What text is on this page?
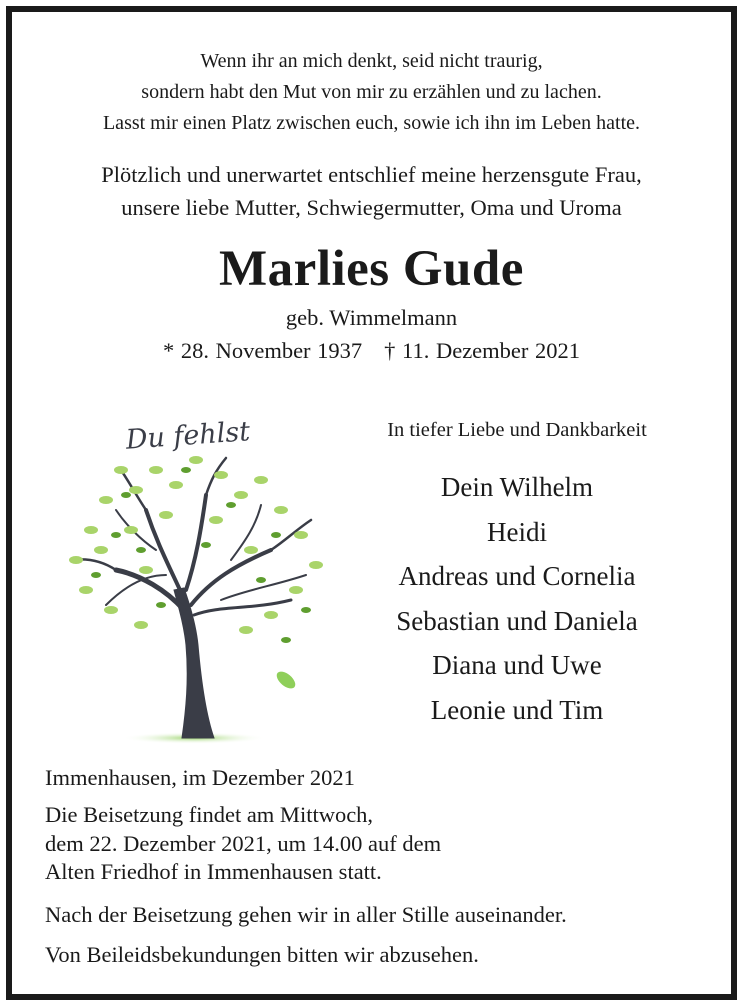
Wenn ihr an mich denkt, seid nicht traurig,
sondern habt den Mut von mir zu erzählen und zu lachen.
Lasst mir einen Platz zwischen euch, sowie ich ihn im Leben hatte.
Plötzlich und unerwartet entschlief meine herzensgute Frau,
unsere liebe Mutter, Schwiegermutter, Oma und Uroma
Marlies Gude
geb. Wimmelmann
* 28. November 1937 † 11. Dezember 2021
Du fehlst	In tiefer Liebe und Dankbarkeit
Dein Wilhelm
Heidi
Andreas und Cornelia
Sebastian und Daniela
Diana und Uwe
Leonie und Tim
Immenhausen, im Dezember 2021
Die Beisetzung findet am Mittwoch,
dem 22. Dezember 2021, um 14.00 auf dem
Alten Friedhof in Immenhausen statt.
Nach der Beisetzung gehen wir in aller Stille auseinander.
Von Beileidsbekundungen bitten wir abzusehen.
